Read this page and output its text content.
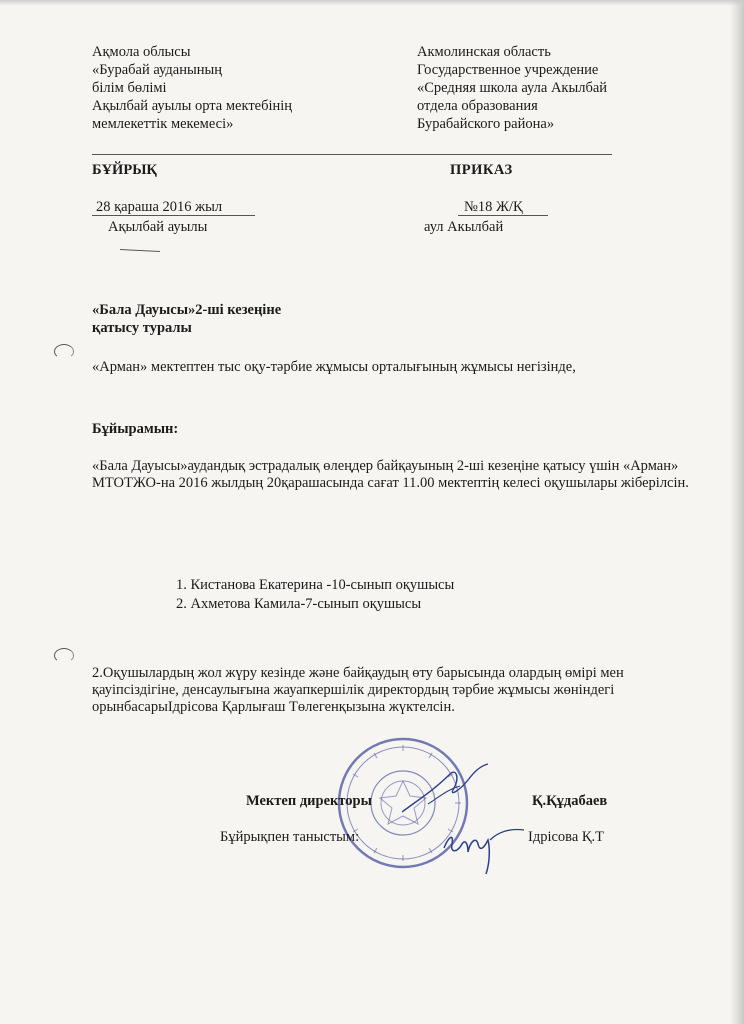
Ақмола облысы

«Бурабай ауданының

білім бөлімі

Ақылбай ауылы орта мектебінің

мемлекеттік мекемесі»

Акмолинская область

Государственное учреждение

«Средняя школа аула Акылбай

отдела образования

Бурабайского района»

БҰЙРЫҚ	ПРИКАЗ

28 қараша 2016 жыл	№18 Ж/Қ

Ақылбай ауылы	аул Акылбай

«Бала Дауысы»2-ші кезеңіне

қатысу туралы

«Арман» мектептен тыс оқу-тәрбие жұмысы орталығының жұмысы негізінде,

Бұйырамын:

«Бала Дауысы»аудандық эстрадалық өлеңдер байқауының 2-ші кезеңіне қатысу үшін «Арман» МТОТЖО-на 2016 жылдың 20қарашасында сағат 11.00 мектептің келесі оқушылары жіберілсін.

1. Кистанова Екатерина -10-сынып оқушысы

2. Ахметова Камила-7-сынып оқушысы

2.Оқушылардың жол жүру кезінде және байқаудың өту барысында олардың өмірі мен қауіпсіздігіне, денсаулығына жауапкершілік директордың тәрбие жұмысы жөніндегі орынбасарыІдрісова Қарлығаш Төлегенқызына жүктелсін.

Мектеп директоры	Қ.Құдабаев

Бұйрықпен таныстым:	Ідрісова Қ.Т
